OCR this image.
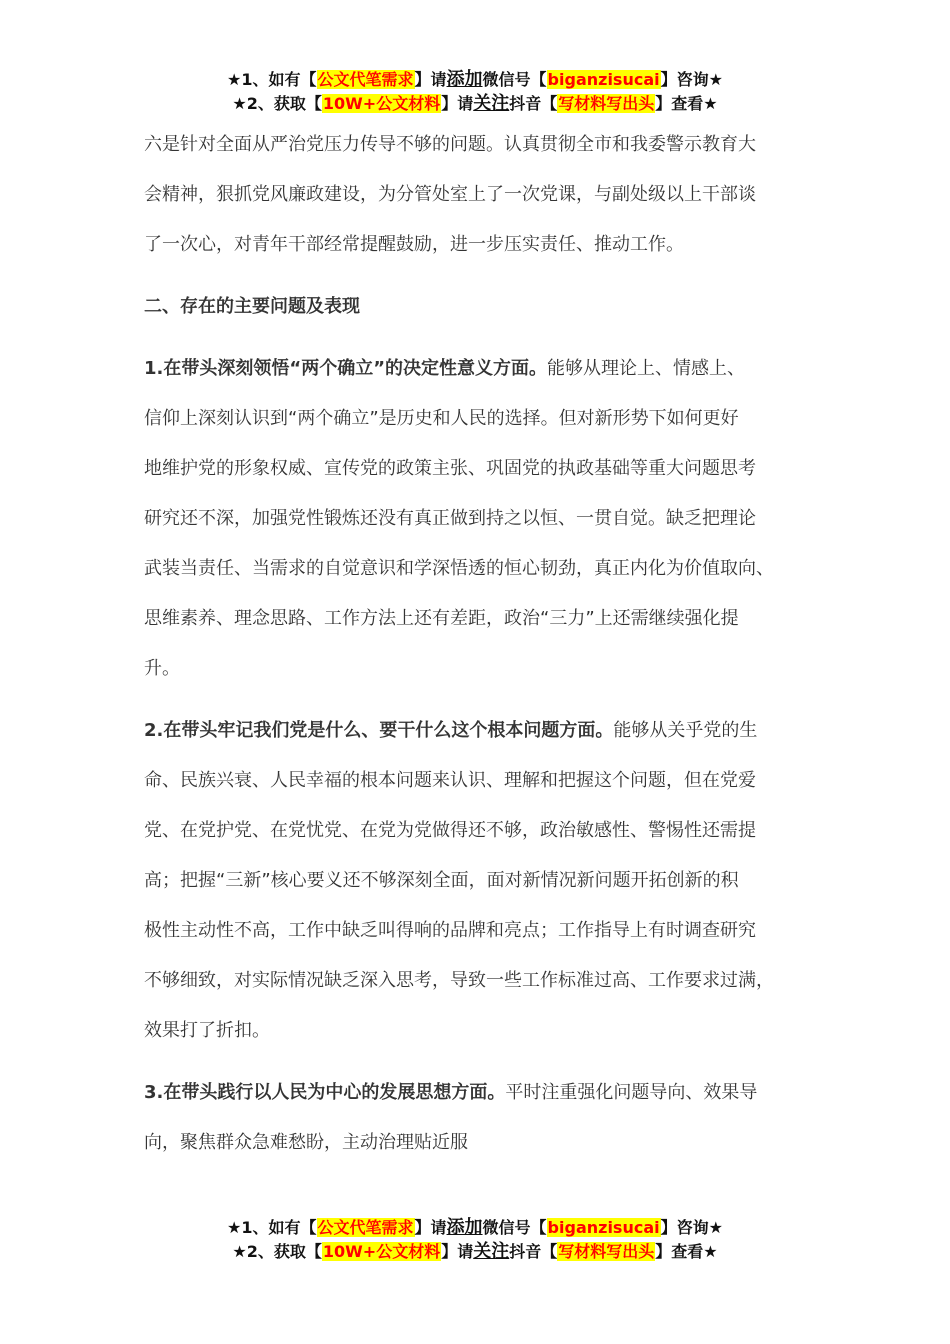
★1、如有【公文代笔需求】请添加微信号【biganzisucai】咨询★
★2、获取【10W+公文材料】请关注抖音【写材料写出头】查看★

六是针对全面从严治党压力传导不够的问题。认真贯彻全市和我委警示教育大

会精神，狠抓党风廉政建设，为分管处室上了一次党课，与副处级以上干部谈

了一次心，对青年干部经常提醒鼓励，进一步压实责任、推动工作。

二、存在的主要问题及表现

1.在带头深刻领悟“两个确立”的决定性意义方面。能够从理论上、情感上、

信仰上深刻认识到“两个确立”是历史和人民的选择。但对新形势下如何更好

地维护党的形象权威、宣传党的政策主张、巩固党的执政基础等重大问题思考

研究还不深，加强党性锻炼还没有真正做到持之以恒、一贯自觉。缺乏把理论

武装当责任、当需求的自觉意识和学深悟透的恒心韧劲，真正内化为价值取向、

思维素养、理念思路、工作方法上还有差距，政治“三力”上还需继续强化提

升。

2.在带头牢记我们党是什么、要干什么这个根本问题方面。能够从关乎党的生

命、民族兴衰、人民幸福的根本问题来认识、理解和把握这个问题，但在党爱

党、在党护党、在党忧党、在党为党做得还不够，政治敏感性、警惕性还需提

高；把握“三新”核心要义还不够深刻全面，面对新情况新问题开拓创新的积

极性主动性不高，工作中缺乏叫得响的品牌和亮点；工作指导上有时调查研究

不够细致，对实际情况缺乏深入思考，导致一些工作标准过高、工作要求过满，

效果打了折扣。

3.在带头践行以人民为中心的发展思想方面。平时注重强化问题导向、效果导

向，聚焦群众急难愁盼，主动治理贴近服

★1、如有【公文代笔需求】请添加微信号【biganzisucai】咨询★
★2、获取【10W+公文材料】请关注抖音【写材料写出头】查看★
